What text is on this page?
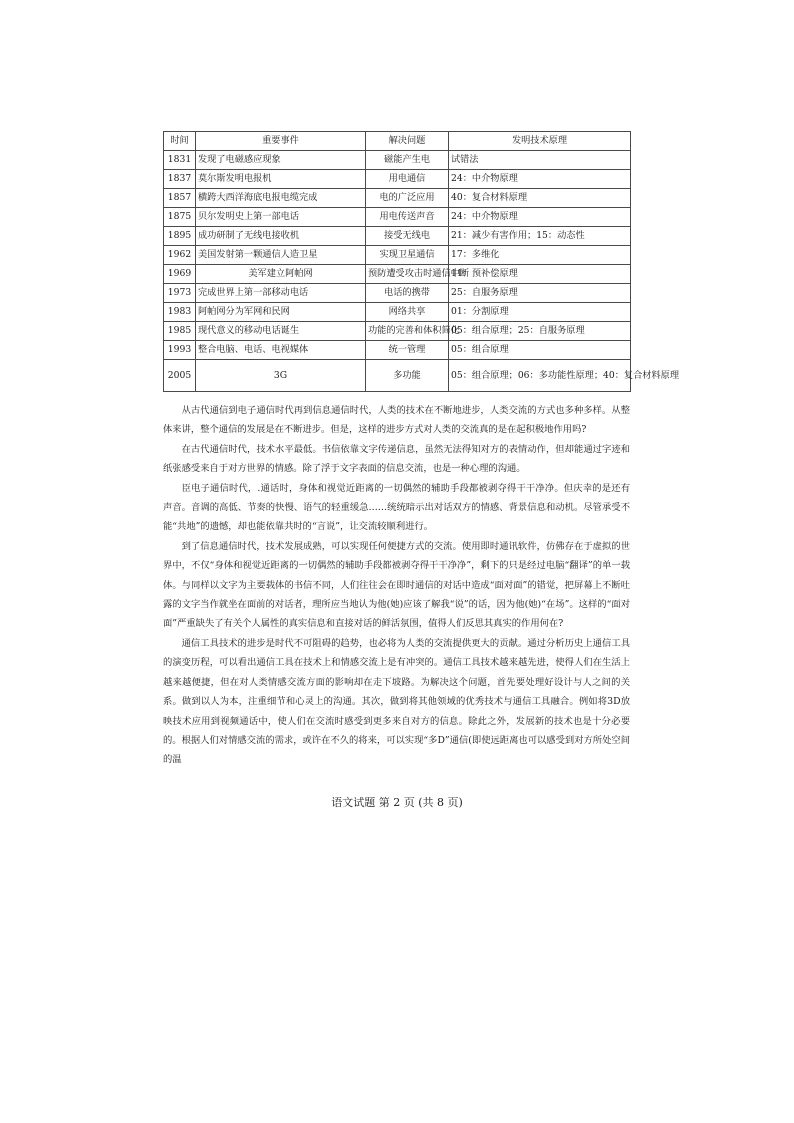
时间	重要事件	解决问题	发明技术原理
1831	发现了电磁感应现象	磁能产生电	试错法
1837	莫尔斯发明电报机	用电通信	24：中介物原理
1857	横跨大西洋海底电报电缆完成	电的广泛应用	40：复合材料原理
1875	贝尔发明史上第一部电话	用电传送声音	24：中介物原理
1895	成功研制了无线电接收机	接受无线电	21：减少有害作用；15：动态性
1962	美国发射第一颗通信人造卫星	实现卫星通信	17：多维化
1969	美军建立阿帕网	预防遭受攻击时通信中断	11：预补偿原理
1973	完成世界上第一部移动电话	电话的携带	25：自服务原理
1983	阿帕网分为军网和民网	网络共享	01：分割原理
1985	现代意义的移动电话诞生	功能的完善和体积简化	05：组合原理；25：自服务原理
1993	整合电脑、电话、电视媒体	统一管理	05：组合原理
2005	3G	多功能	05：组合原理；06：多功能性原理；40：复合材料原理

从古代通信到电子通信时代再到信息通信时代，人类的技术在不断地进步，人类交流的方式也多种多样。从整体来讲，整个通信的发展是在不断进步。但是，这样的进步方式对人类的交流真的是在起积极地作用吗?

在古代通信时代，技术水平最低。书信依靠文字传递信息，虽然无法得知对方的表情动作，但却能通过字迹和纸张感受来自于对方世界的情感。除了浮于文字表面的信息交流，也是一种心理的沟通。

臣电子通信时代，.通话时，身体和视觉近距离的一切偶然的辅助手段都被剥夺得干干净净。但庆幸的是还有声音。音调的高低、节奏的快慢、语气的轻重缓急……统统暗示出对话双方的情感、背景信息和动机。尽管承受不能“共地”的遗憾，却也能依靠共时的“言说”，让交流较顺利进行。

到了信息通信时代，技术发展成熟，可以实现任何便捷方式的交流。使用即时通讯软件，仿佛存在于虚拟的世界中，不仅“身体和视觉近距离的一切偶然的辅助手段都被剥夺得干干净净”，剩下的只是经过电脑“翻译”的单一载体。与同样以文字为主要载体的书信不同，人们往往会在即时通信的对话中造成“面对面”的错觉，把屏幕上不断吐露的文字当作就坐在面前的对话者，理所应当地认为他(她)应该了解我“说”的话，因为他(她)“在场”。这样的“面对面”严重缺失了有关个人属性的真实信息和直接对话的鲜活氛围，值得人们反思其真实的作用何在?

通信工具技术的进步是时代不可阻碍的趋势，也必将为人类的交流提供更大的贡献。通过分析历史上通信工具的演变历程，可以看出通信工具在技术上和情感交流上是有冲突的。通信工具技术越来越先进，使得人们在生活上越来越便捷，但在对人类情感交流方面的影响却在走下坡路。为解决这个问题，首先要处理好设计与人之间的关系。做到以人为本，注重细节和心灵上的沟通。其次，做到将其他领域的优秀技术与通信工具融合。例如将3D放映技术应用到视频通话中，使人们在交流时感受到更多来自对方的信息。除此之外，发展新的技术也是十分必要的。根据人们对情感交流的需求，或许在不久的将来，可以实现“多D”通信(即使远距离也可以感受到对方所处空间的温

语文试题 第 2 页 (共 8 页)
